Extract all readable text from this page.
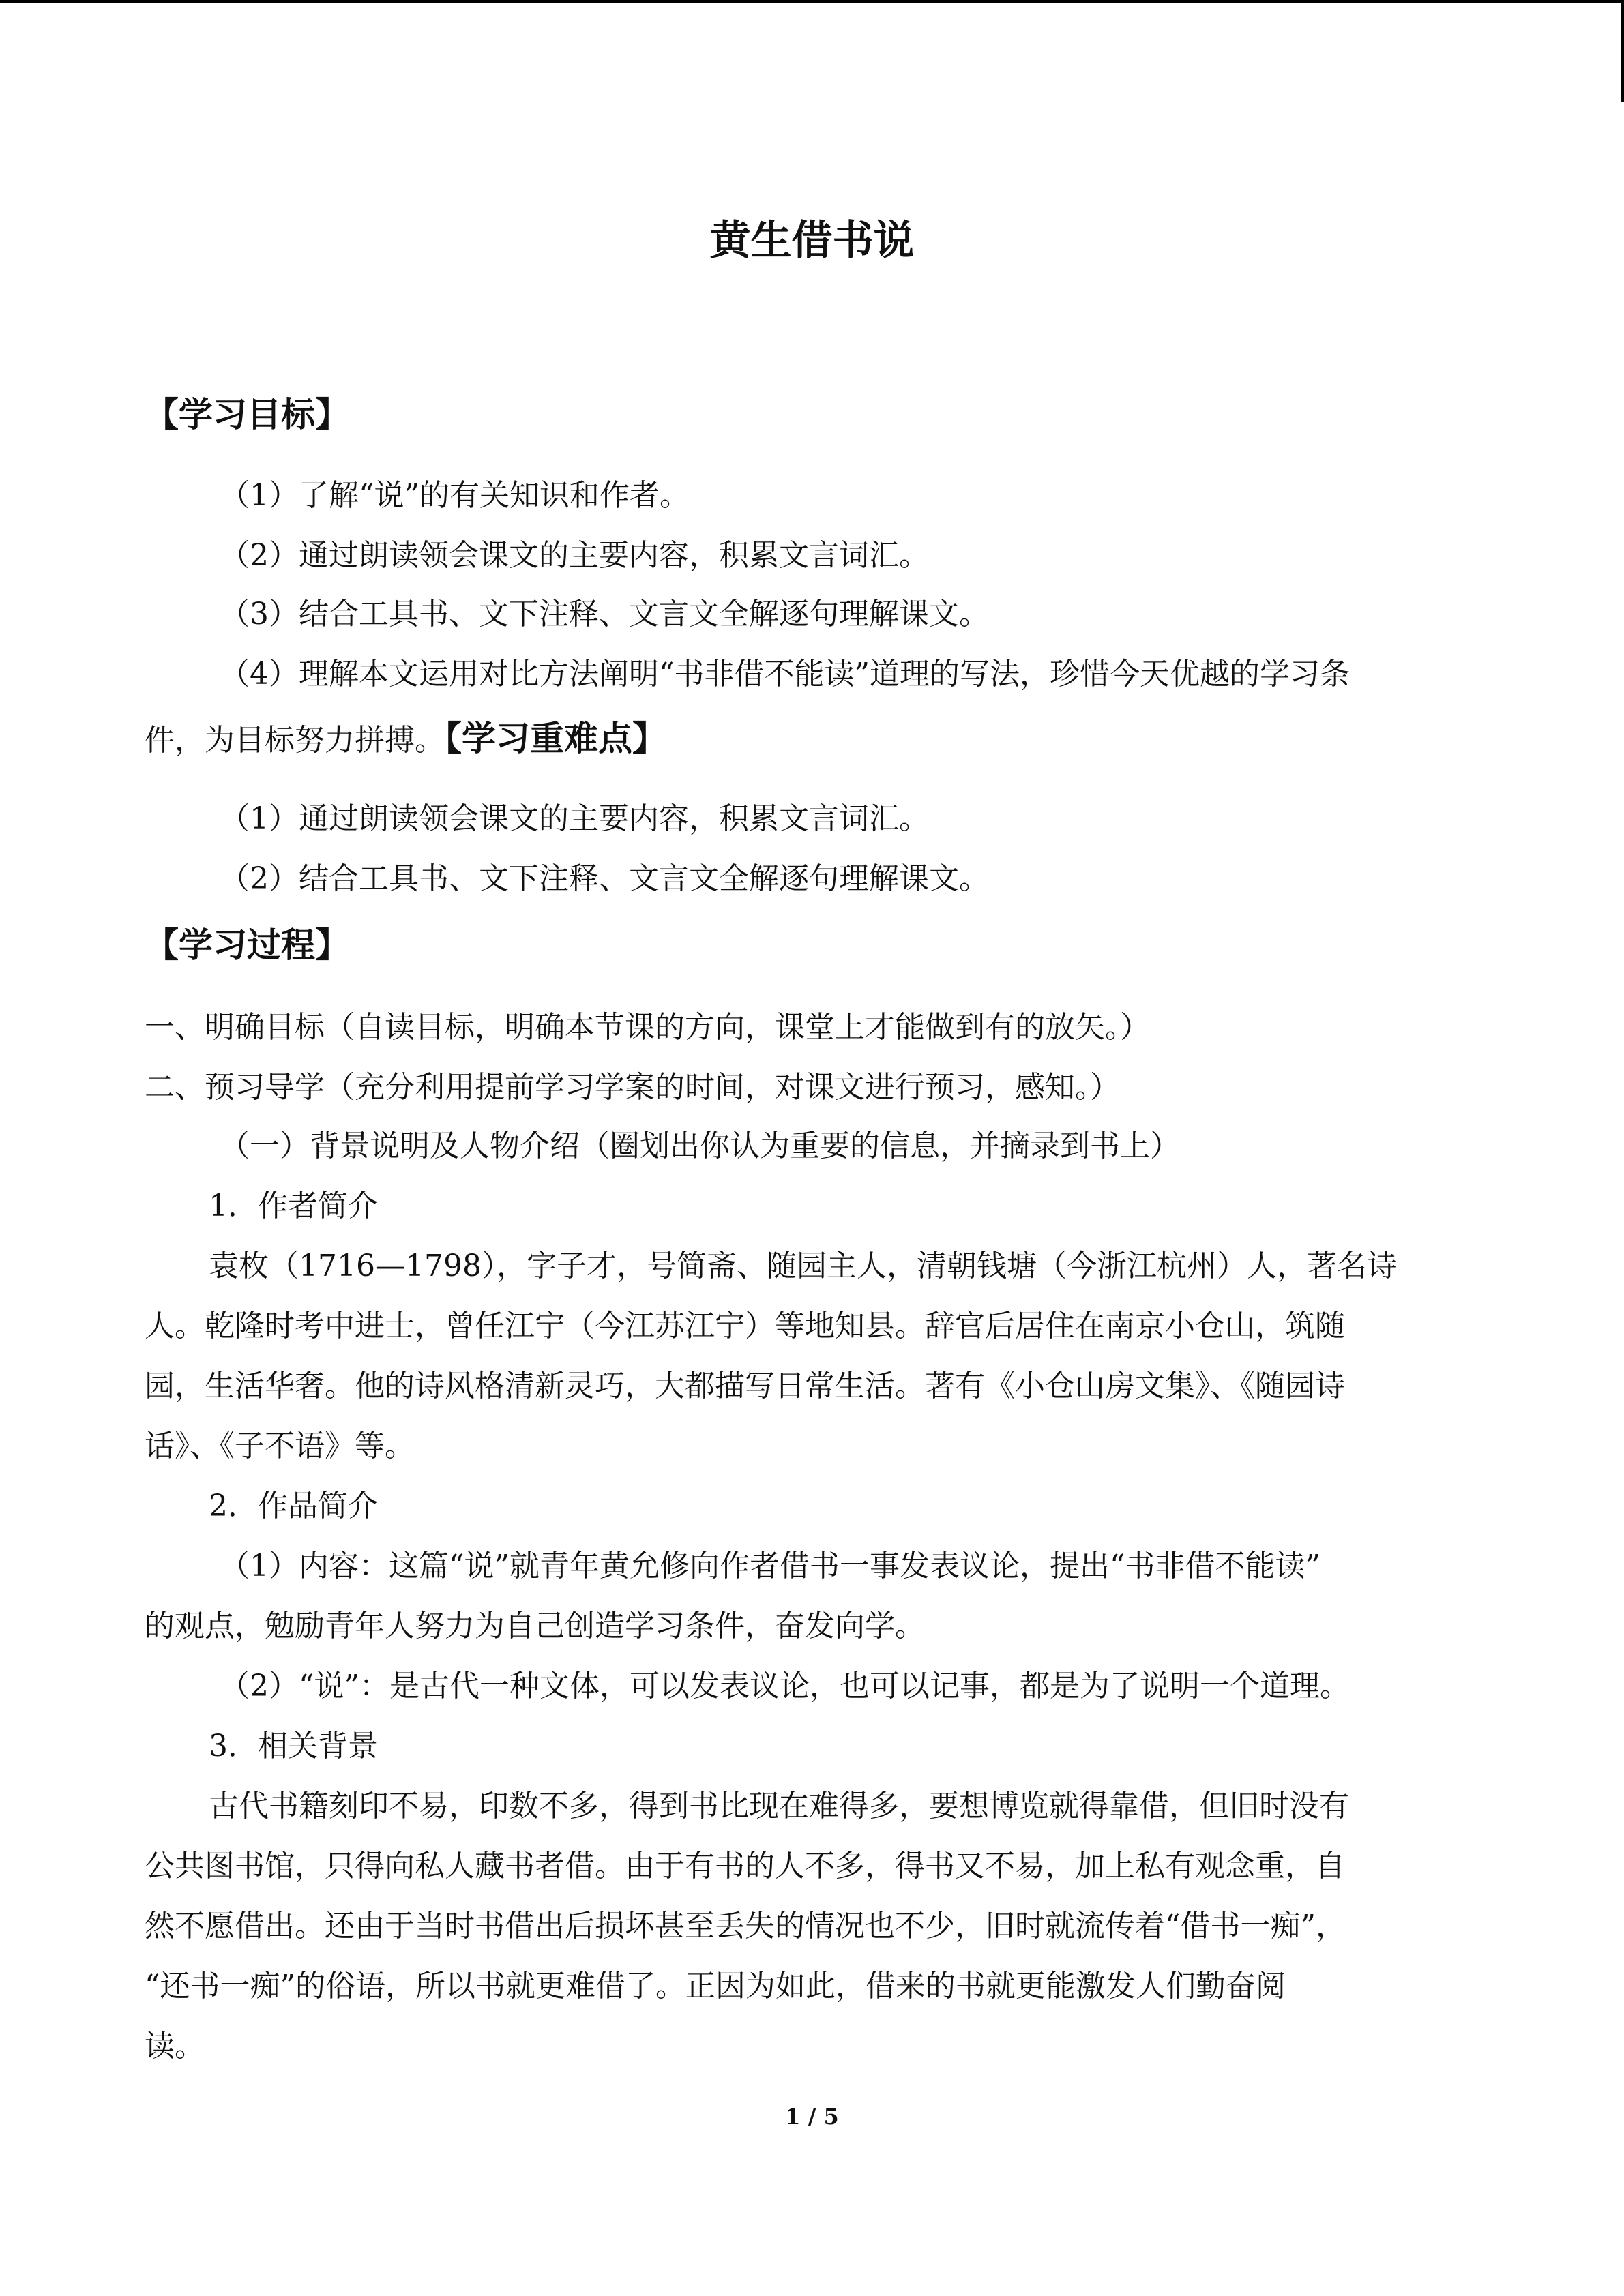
黄生借书说
【学习目标】
（1）了解“说”的有关知识和作者。
（2）通过朗读领会课文的主要内容，积累文言词汇。
（3）结合工具书、文下注释、文言文全解逐句理解课文。
（4）理解本文运用对比方法阐明“书非借不能读”道理的写法，珍惜今天优越的学习条
件，为目标努力拼搏。【学习重难点】
（1）通过朗读领会课文的主要内容，积累文言词汇。
（2）结合工具书、文下注释、文言文全解逐句理解课文。
【学习过程】
一、明确目标（自读目标，明确本节课的方向，课堂上才能做到有的放矢。）
二、预习导学（充分利用提前学习学案的时间，对课文进行预习，感知。）
（一）背景说明及人物介绍（圈划出你认为重要的信息，并摘录到书上）
1．作者简介
袁枚（1716—1798），字子才，号简斋、随园主人，清朝钱塘（今浙江杭州）人，著名诗
人。乾隆时考中进士，曾任江宁（今江苏江宁）等地知县。辞官后居住在南京小仓山，筑随
园，生活华奢。他的诗风格清新灵巧，大都描写日常生活。著有《小仓山房文集》、《随园诗
话》、《子不语》等。
2．作品简介
（1）内容：这篇“说”就青年黄允修向作者借书一事发表议论，提出“书非借不能读”
的观点，勉励青年人努力为自己创造学习条件，奋发向学。
（2）“说”：是古代一种文体，可以发表议论，也可以记事，都是为了说明一个道理。
3．相关背景
古代书籍刻印不易，印数不多，得到书比现在难得多，要想博览就得靠借，但旧时没有
公共图书馆，只得向私人藏书者借。由于有书的人不多，得书又不易，加上私有观念重，自
然不愿借出。还由于当时书借出后损坏甚至丢失的情况也不少，旧时就流传着“借书一痴”，
“还书一痴”的俗语，所以书就更难借了。正因为如此，借来的书就更能激发人们勤奋阅
读。
1 / 5
